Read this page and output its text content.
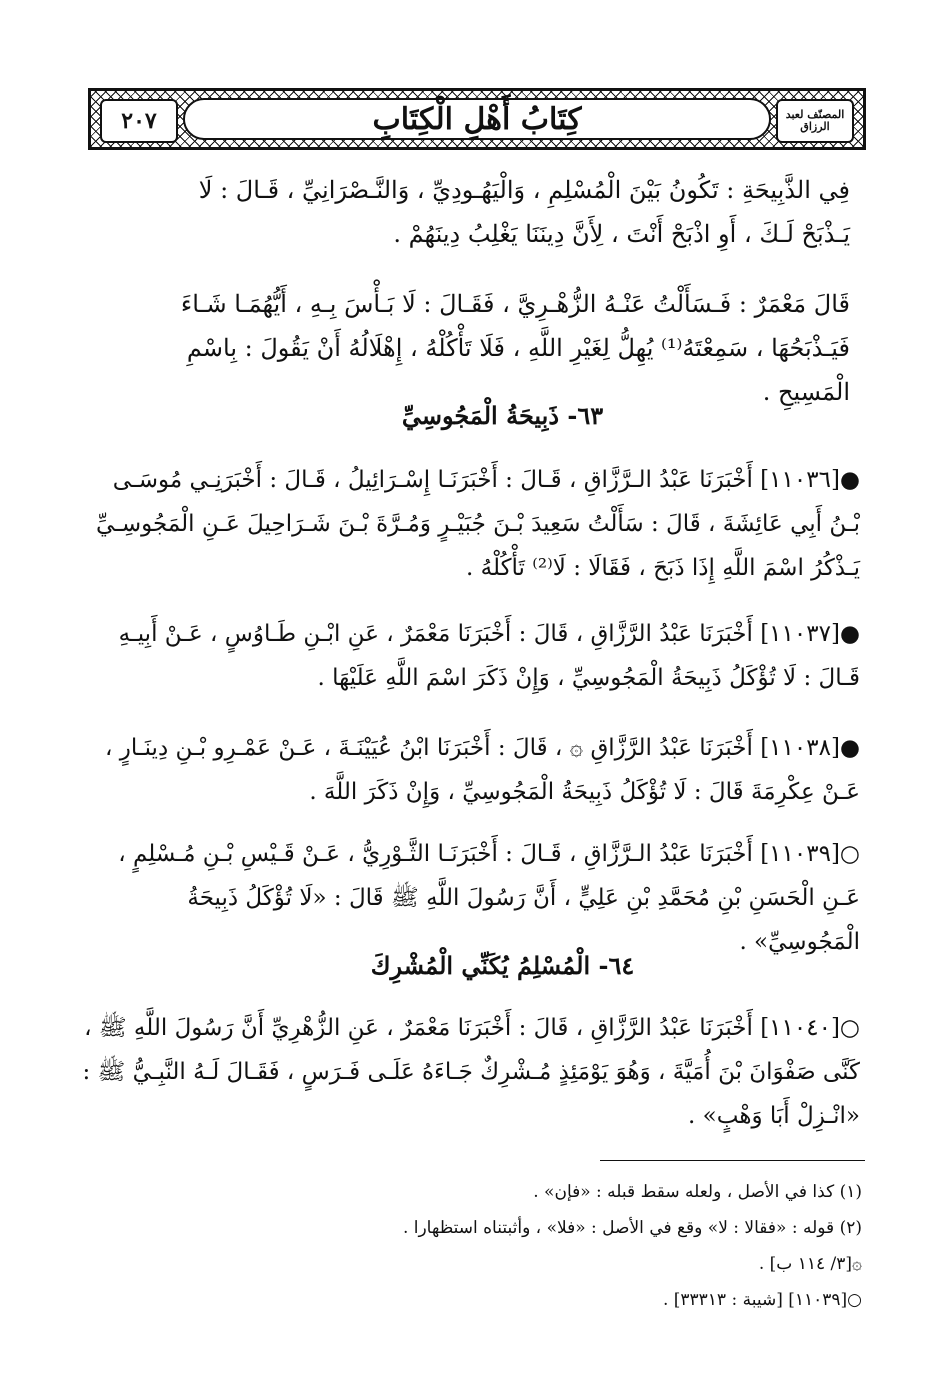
٢٠٧	كِتَابُ أَهْلِ الْكِتَابِ	المصنّف لعبد الرزاق
فِي الذَّبِيحَةِ : تَكُونُ بَيْنَ الْمُسْلِمِ ، وَالْيَهُـودِيِّ ، وَالنَّـصْرَانِيِّ ، قَـالَ : لَا يَـذْبَحْ لَـكَ ، أَوِ اذْبَحْ أَنْتَ ، لِأَنَّ دِينَنَا يَغْلِبُ دِينَهُمْ .
قَالَ مَعْمَرٌ : فَـسَأَلْتُ عَنْـهُ الزُّهْـرِيَّ ، فَقَـالَ : لَا بَـأْسَ بِـهِ ، أَيُّهُمَـا شَـاءَ فَيَـذْبَحُهَا ، سَمِعْتَهُ⁽¹⁾ يُهِلُّ لِغَيْرِ اللَّهِ ، فَلَا تَأْكُلْهُ ، إِهْلَالُهُ أَنْ يَقُولَ : بِاسْمِ الْمَسِيحِ .
٦٣- ذَبِيحَةُ الْمَجُوسِيِّ
●[١١٠٣٦] أَخْبَرَنَا عَبْدُ الـرَّزَّاقِ ، قَـالَ : أَخْبَرَنَـا إِسْـرَائِيلُ ، قَـالَ : أَخْبَرَنِـي مُوسَـى بْـنُ أَبِي عَائِشَةَ ، قَالَ : سَأَلْتُ سَعِيدَ بْـنَ جُبَيْـرٍ وَمُـرَّةَ بْـنَ شَـرَاحِيلَ عَـنِ الْمَجُوسِـيِّ يَـذْكُرُ اسْمَ اللَّهِ إِذَا ذَبَحَ ، فَقَالَا : لَا⁽²⁾ تَأْكُلْهُ .
●[١١٠٣٧] أَخْبَرَنَا عَبْدُ الرَّزَّاقِ ، قَالَ : أَخْبَرَنَا مَعْمَرٌ ، عَنِ ابْـنِ طَـاوُسٍ ، عَـنْ أَبِيـهِ قَـالَ : لَا تُؤْكَلُ ذَبِيحَةُ الْمَجُوسِيِّ ، وَإِنْ ذَكَرَ اسْمَ اللَّهِ عَلَيْهَا .
●[١١٠٣٨] أَخْبَرَنَا عَبْدُ الرَّزَّاقِ ۞ ، قَالَ : أَخْبَرَنَا ابْنُ عُيَيْنَـةَ ، عَـنْ عَمْـرِو بْـنِ دِينَـارٍ ، عَـنْ عِكْرِمَةَ قَالَ : لَا تُؤْكَلُ ذَبِيحَةُ الْمَجُوسِيِّ ، وَإِنْ ذَكَرَ اللَّهَ .
○[١١٠٣٩] أَخْبَرَنَا عَبْدُ الـرَّزَّاقِ ، قَـالَ : أَخْبَرَنَـا الثَّـوْرِيُّ ، عَـنْ قَـيْسِ بْـنِ مُـسْلِمٍ ، عَـنِ الْحَسَنِ بْنِ مُحَمَّدِ بْنِ عَلِيٍّ ، أَنَّ رَسُولَ اللَّهِ ﷺ قَالَ : «لَا تُؤْكَلُ ذَبِيحَةُ الْمَجُوسِيِّ» .
٦٤- الْمُسْلِمُ يُكَنِّي الْمُشْرِكَ
○[١١٠٤٠] أَخْبَرَنَا عَبْدُ الرَّزَّاقِ ، قَالَ : أَخْبَرَنَا مَعْمَرٌ ، عَنِ الزُّهْرِيِّ أَنَّ رَسُولَ اللَّهِ ﷺ ، كَنَّى صَفْوَانَ بْنَ أُمَيَّةَ ، وَهُوَ يَوْمَئِذٍ مُـشْرِكٌ جَـاءَهُ عَلَـى فَـرَسٍ ، فَقَـالَ لَـهُ النَّبِـيُّ ﷺ : «انْـزِلْ أَبَا وَهْبٍ» .
(١) كذا في الأصل ، ولعله سقط قبله : «فإن» .
(٢) قوله : «فقالا : لا» وقع في الأصل : «فلا» ، وأثبتناه استظهارا .
۞[٣/ ١١٤ ب] .
○[١١٠٣٩] [شيبة : ٣٣٣١٣] .
